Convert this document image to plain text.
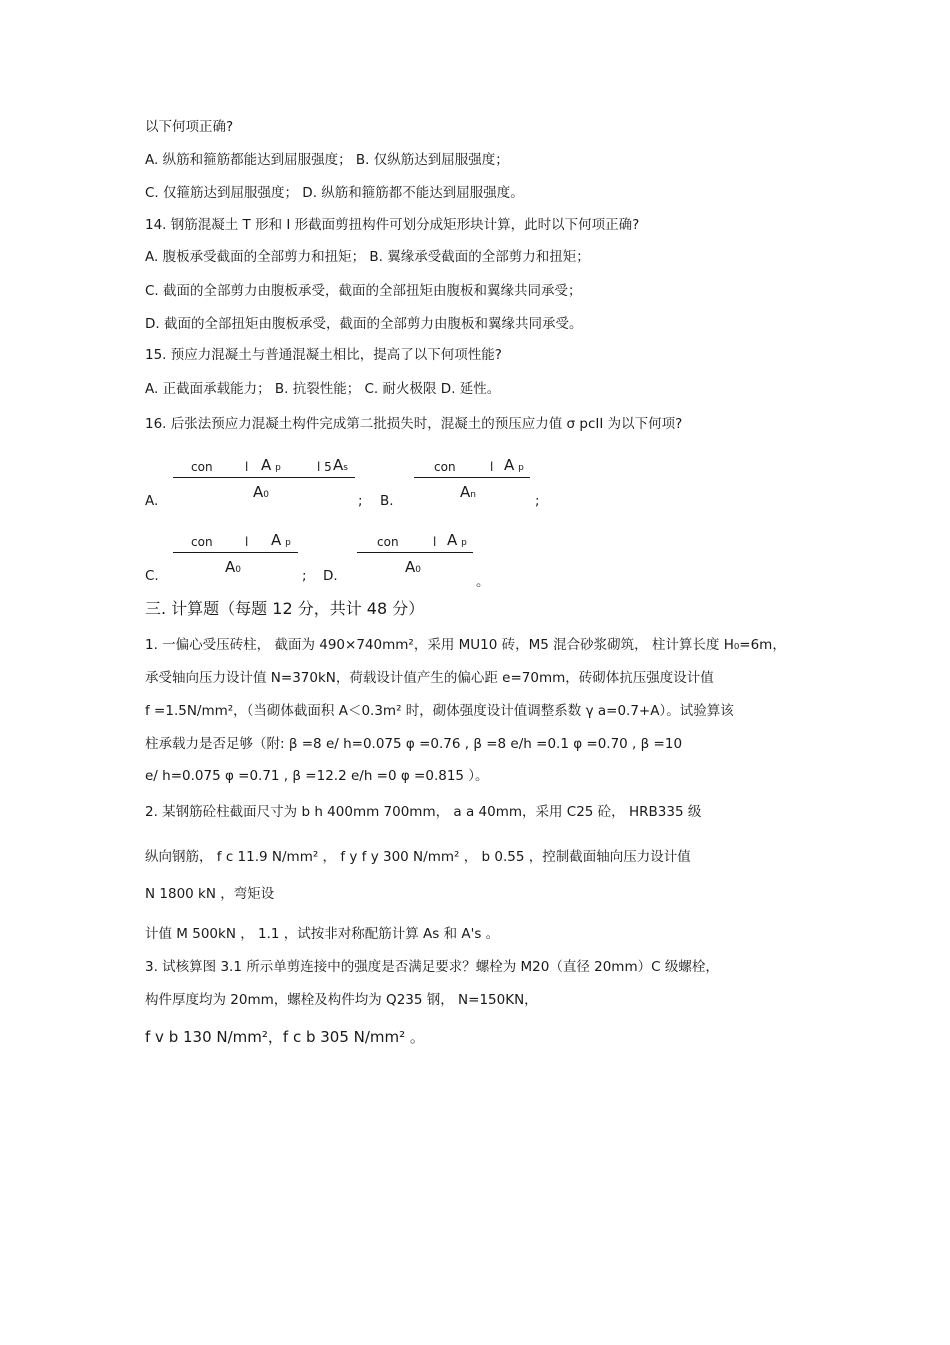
以下何项正确?
A. 纵筋和箍筋都能达到屈服强度； B. 仅纵筋达到屈服强度；
C. 仅箍筋达到屈服强度； D. 纵筋和箍筋都不能达到屈服强度。
14. 钢筋混凝土 T 形和 I 形截面剪扭构件可划分成矩形块计算，此时以下何项正确?
A. 腹板承受截面的全部剪力和扭矩； B. 翼缘承受截面的全部剪力和扭矩；
C. 截面的全部剪力由腹板承受，截面的全部扭矩由腹板和翼缘共同承受；
D. 截面的全部扭矩由腹板承受，截面的全部剪力由腹板和翼缘共同承受。
15. 预应力混凝土与普通混凝土相比，提高了以下何项性能?
A. 正截面承载能力； B. 抗裂性能； C. 耐火极限 D. 延性。
16. 后张法预应力混凝土构件完成第二批损失时，混凝土的预压应力值 σ pcII 为以下何项?
A.
con	l A p	l 5 As
A0	; B.
con	l A p
An	;
C.
con	l A p
A0	; D.
con	l A p
A0
。
三. 计算题（每题 12 分，共计 48 分）
1. 一偏心受压砖柱， 截面为 490×740mm²，采用 MU10 砖，M5 混合砂浆砌筑， 柱计算长度 H₀=6m，
承受轴向压力设计值 N=370kN，荷载设计值产生的偏心距 e=70mm，砖砌体抗压强度设计值
f =1.5N/mm²，（当砌体截面积 A＜0.3m² 时，砌体强度设计值调整系数 γ a=0.7+A）。试验算该
柱承载力是否足够（附: β =8 e/ h=0.075 φ =0.76 , β =8 e/h =0.1 φ =0.70 , β =10
e/ h=0.075 φ =0.71 , β =12.2 e/h =0 φ =0.815 ）。
2. 某钢筋砼柱截面尺寸为 b h 400mm 700mm， a a 40mm，采用 C25 砼， HRB335 级
纵向钢筋， f c 11.9 N/mm² ， f y f y 300 N/mm² ， b 0.55 ，控制截面轴向压力设计值
N 1800 kN ，弯矩设
计值 M 500kN ， 1.1 ，试按非对称配筋计算 As 和 A's 。
3. 试核算图 3.1 所示单剪连接中的强度是否满足要求？螺栓为 M20（直径 20mm）C 级螺栓，
构件厚度均为 20mm，螺栓及构件均为 Q235 钢， N=150KN，
f v b 130 N/mm²，f c b 305 N/mm² 。
